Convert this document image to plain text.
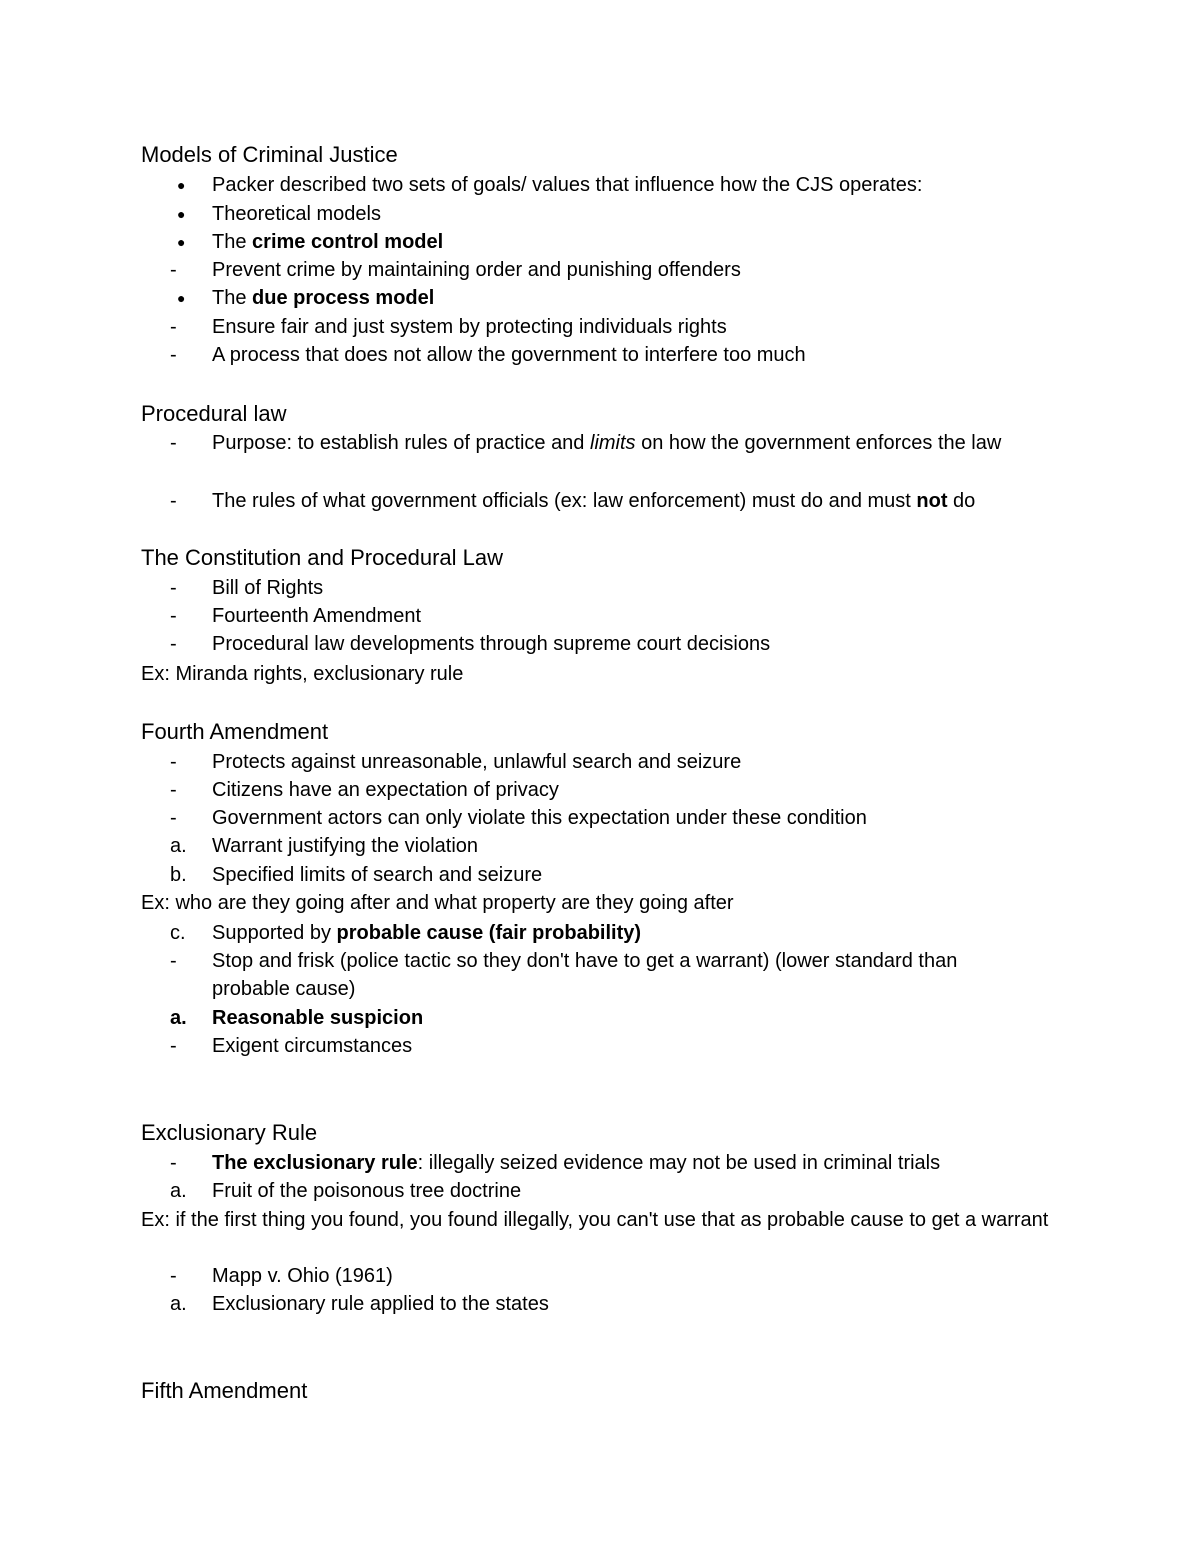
Models of Criminal Justice
●	Packer described two sets of goals/ values that influence how the CJS operates:
●	Theoretical models
●	The crime control model
-	Prevent crime by maintaining order and punishing offenders
●	The due process model
-	Ensure fair and just system by protecting individuals rights
-	A process that does not allow the government to interfere too much
Procedural law
-	Purpose: to establish rules of practice and limits on how the government enforces the law
-	The rules of what government officials (ex: law enforcement) must do and must not do
The Constitution and Procedural Law
-	Bill of Rights
-	Fourteenth Amendment
-	Procedural law developments through supreme court decisions
Ex: Miranda rights, exclusionary rule
Fourth Amendment
-	Protects against unreasonable, unlawful search and seizure
-	Citizens have an expectation of privacy
-	Government actors can only violate this expectation under these condition
a.	Warrant justifying the violation
b.	Specified limits of search and seizure
Ex: who are they going after and what property are they going after
c.	Supported by probable cause (fair probability)
-	Stop and frisk (police tactic so they don't have to get a warrant) (lower standard than probable cause)
a.	Reasonable suspicion
-	Exigent circumstances
Exclusionary Rule
-	The exclusionary rule: illegally seized evidence may not be used in criminal trials
a.	Fruit of the poisonous tree doctrine
Ex: if the first thing you found, you found illegally, you can't use that as probable cause to get a warrant
-	Mapp v. Ohio (1961)
a.	Exclusionary rule applied to the states
Fifth Amendment
